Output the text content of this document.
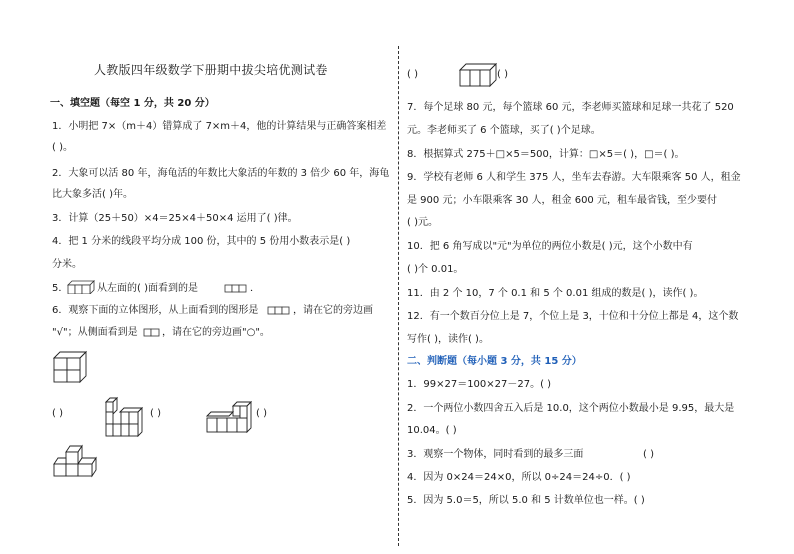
人教版四年级数学下册期中拔尖培优测试卷
一、填空题（每空 1 分，共 20 分）
1．小明把 7×（m＋4）错算成了 7×m＋4，他的计算结果与正确答案相差
( )。
2．大象可以活 80 年，海龟活的年数比大象活的年数的 3 倍少 60 年，海龟
比大象多活( )年。
3．计算（25＋50）×4＝25×4＋50×4 运用了( )律。
4．把 1 分米的线段平均分成 100 份，其中的 5 份用小数表示是( )
分米。
5．	从左面的( )面看到的是	．
6．观察下面的立体图形，从上面看到的图形是	，请在它的旁边画
"√"；从侧面看到是 ，请在它的旁边画"○"。
( )	( )	( )
( )	( )
7．每个足球 80 元，每个篮球 60 元，李老师买篮球和足球一共花了 520
元。李老师买了 6 个篮球，买了( )个足球。
8．根据算式 275＋□×5＝500，计算：□×5＝( )，□＝( )。
9．学校有老师 6 人和学生 375 人，坐车去春游。大车限乘客 50 人，租金
是 900 元；小车限乘客 30 人，租金 600 元，租车最省钱，至少要付
( )元。
10．把 6 角写成以"元"为单位的两位小数是( )元，这个小数中有
( )个 0.01。
11．由 2 个 10，7 个 0.1 和 5 个 0.01 组成的数是( )，读作( )。
12．有一个数百分位上是 7，个位上是 3，十位和十分位上都是 4，这个数
写作( )，读作( )。
二、判断题（每小题 3 分，共 15 分）
1．99×27＝100×27－27。( )
2．一个两位小数四舍五入后是 10.0，这个两位小数最小是 9.95，最大是
10.04。( )
3．观察一个物体，同时看到的最多三面	( )
4．因为 0×24＝24×0，所以 0÷24＝24÷0．( )
5．因为 5.0＝5，所以 5.0 和 5 计数单位也一样。( )
